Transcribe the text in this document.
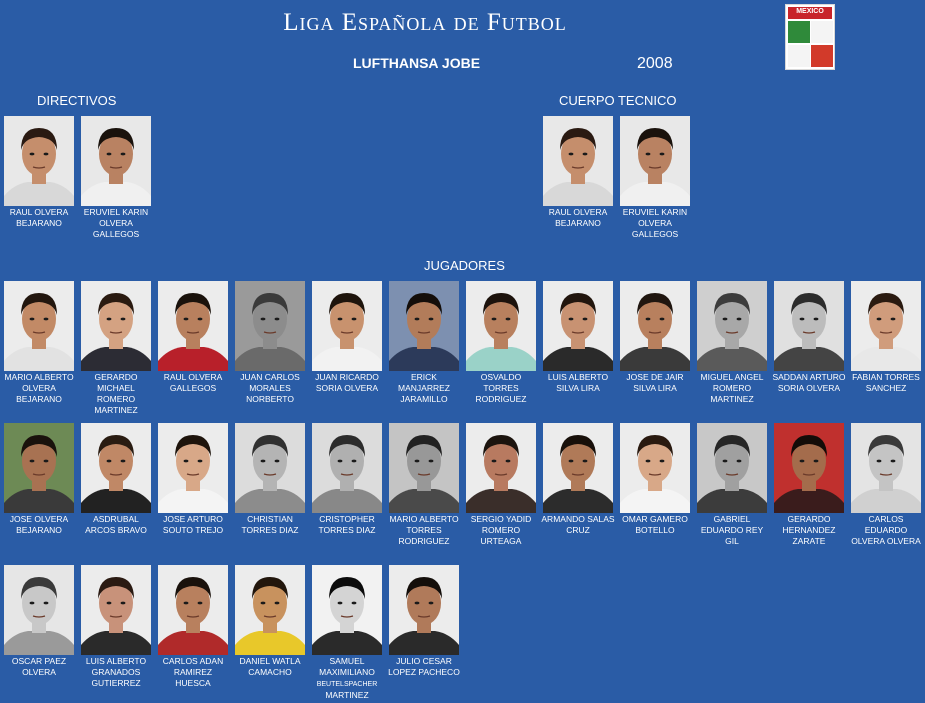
Liga Española de Futbol
LUFTHANSA JOBE	2008
MEXICO
DIRECTIVOS	CUERPO TECNICO
JUGADORES
RAUL OLVERA BEJARANO
ERUVIEL KARIN OLVERA GALLEGOS
RAUL OLVERA BEJARANO
ERUVIEL KARIN OLVERA GALLEGOS
MARIO ALBERTO OLVERA BEJARANO
GERARDO MICHAEL ROMERO MARTINEZ
RAUL OLVERA GALLEGOS
JUAN CARLOS MORALES NORBERTO
JUAN RICARDO SORIA OLVERA
ERICK MANJARREZ JARAMILLO
OSVALDO TORRES RODRIGUEZ
LUIS ALBERTO SILVA LIRA
JOSE DE JAIR SILVA LIRA
MIGUEL ANGEL ROMERO MARTINEZ
SADDAN ARTURO SORIA OLVERA
FABIAN TORRES SANCHEZ
JOSE OLVERA BEJARANO
ASDRUBAL ARCOS BRAVO
JOSE ARTURO SOUTO TREJO
CHRISTIAN TORRES DIAZ
CRISTOPHER TORRES DIAZ
MARIO ALBERTO TORRES RODRIGUEZ
SERGIO YADID ROMERO URTEAGA
ARMANDO SALAS CRUZ
OMAR GAMERO BOTELLO
GABRIEL EDUARDO REY GIL
GERARDO HERNANDEZ ZARATE
CARLOS EDUARDO OLVERA OLVERA
OSCAR PAEZ OLVERA
LUIS ALBERTO GRANADOS GUTIERREZ
CARLOS ADAN RAMIREZ HUESCA
DANIEL WATLA CAMACHO
SAMUEL MAXIMILIANO
BEUTELSPACHER
MARTINEZ
JULIO CESAR LOPEZ PACHECO
